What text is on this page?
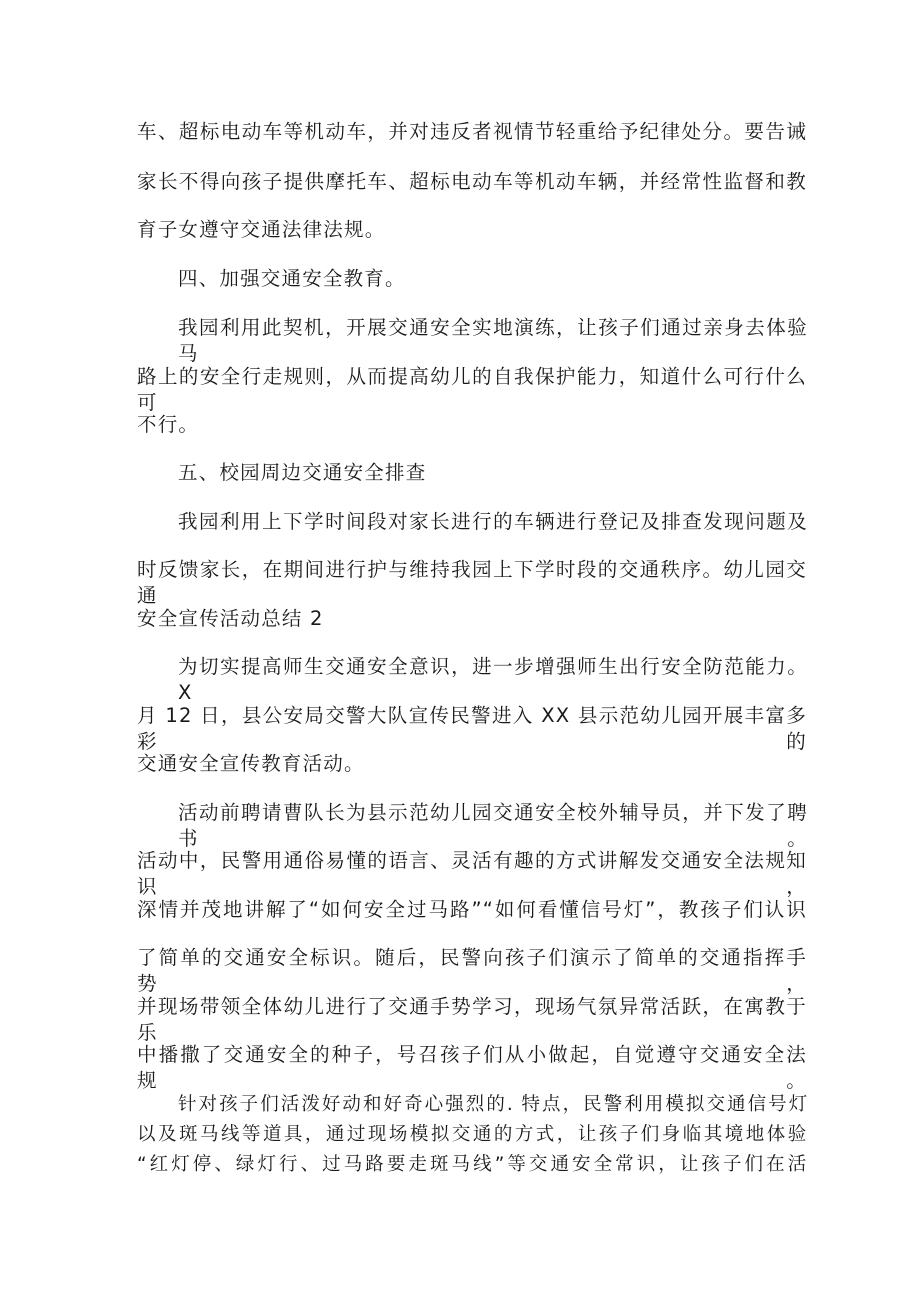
车、超标电动车等机动车，并对违反者视情节轻重给予纪律处分。要告诫
家长不得向孩子提供摩托车、超标电动车等机动车辆，并经常性监督和教
育子女遵守交通法律法规。
四、加强交通安全教育。
我园利用此契机，开展交通安全实地演练，让孩子们通过亲身去体验马
路上的安全行走规则，从而提高幼儿的自我保护能力，知道什么可行什么可
不行。
五、校园周边交通安全排查
我园利用上下学时间段对家长进行的车辆进行登记及排查发现问题及
时反馈家长，在期间进行护与维持我园上下学时段的交通秩序。幼儿园交通
安全宣传活动总结 2
为切实提高师生交通安全意识，进一步增强师生出行安全防范能力。X
月 12 日，县公安局交警大队宣传民警进入 XX 县示范幼儿园开展丰富多彩的
交通安全宣传教育活动。
活动前聘请曹队长为县示范幼儿园交通安全校外辅导员，并下发了聘书。
活动中，民警用通俗易懂的语言、灵活有趣的方式讲解发交通安全法规知识，
深情并茂地讲解了“如何安全过马路”“如何看懂信号灯”，教孩子们认识
了简单的交通安全标识。随后，民警向孩子们演示了简单的交通指挥手势，
并现场带领全体幼儿进行了交通手势学习，现场气氛异常活跃，在寓教于乐
中播撒了交通安全的种子，号召孩子们从小做起，自觉遵守交通安全法规。
针对孩子们活泼好动和好奇心强烈的. 特点，民警利用模拟交通信号灯
以及斑马线等道具，通过现场模拟交通的方式，让孩子们身临其境地体验
“红灯停、绿灯行、过马路要走斑马线”等交通安全常识，让孩子们在活
